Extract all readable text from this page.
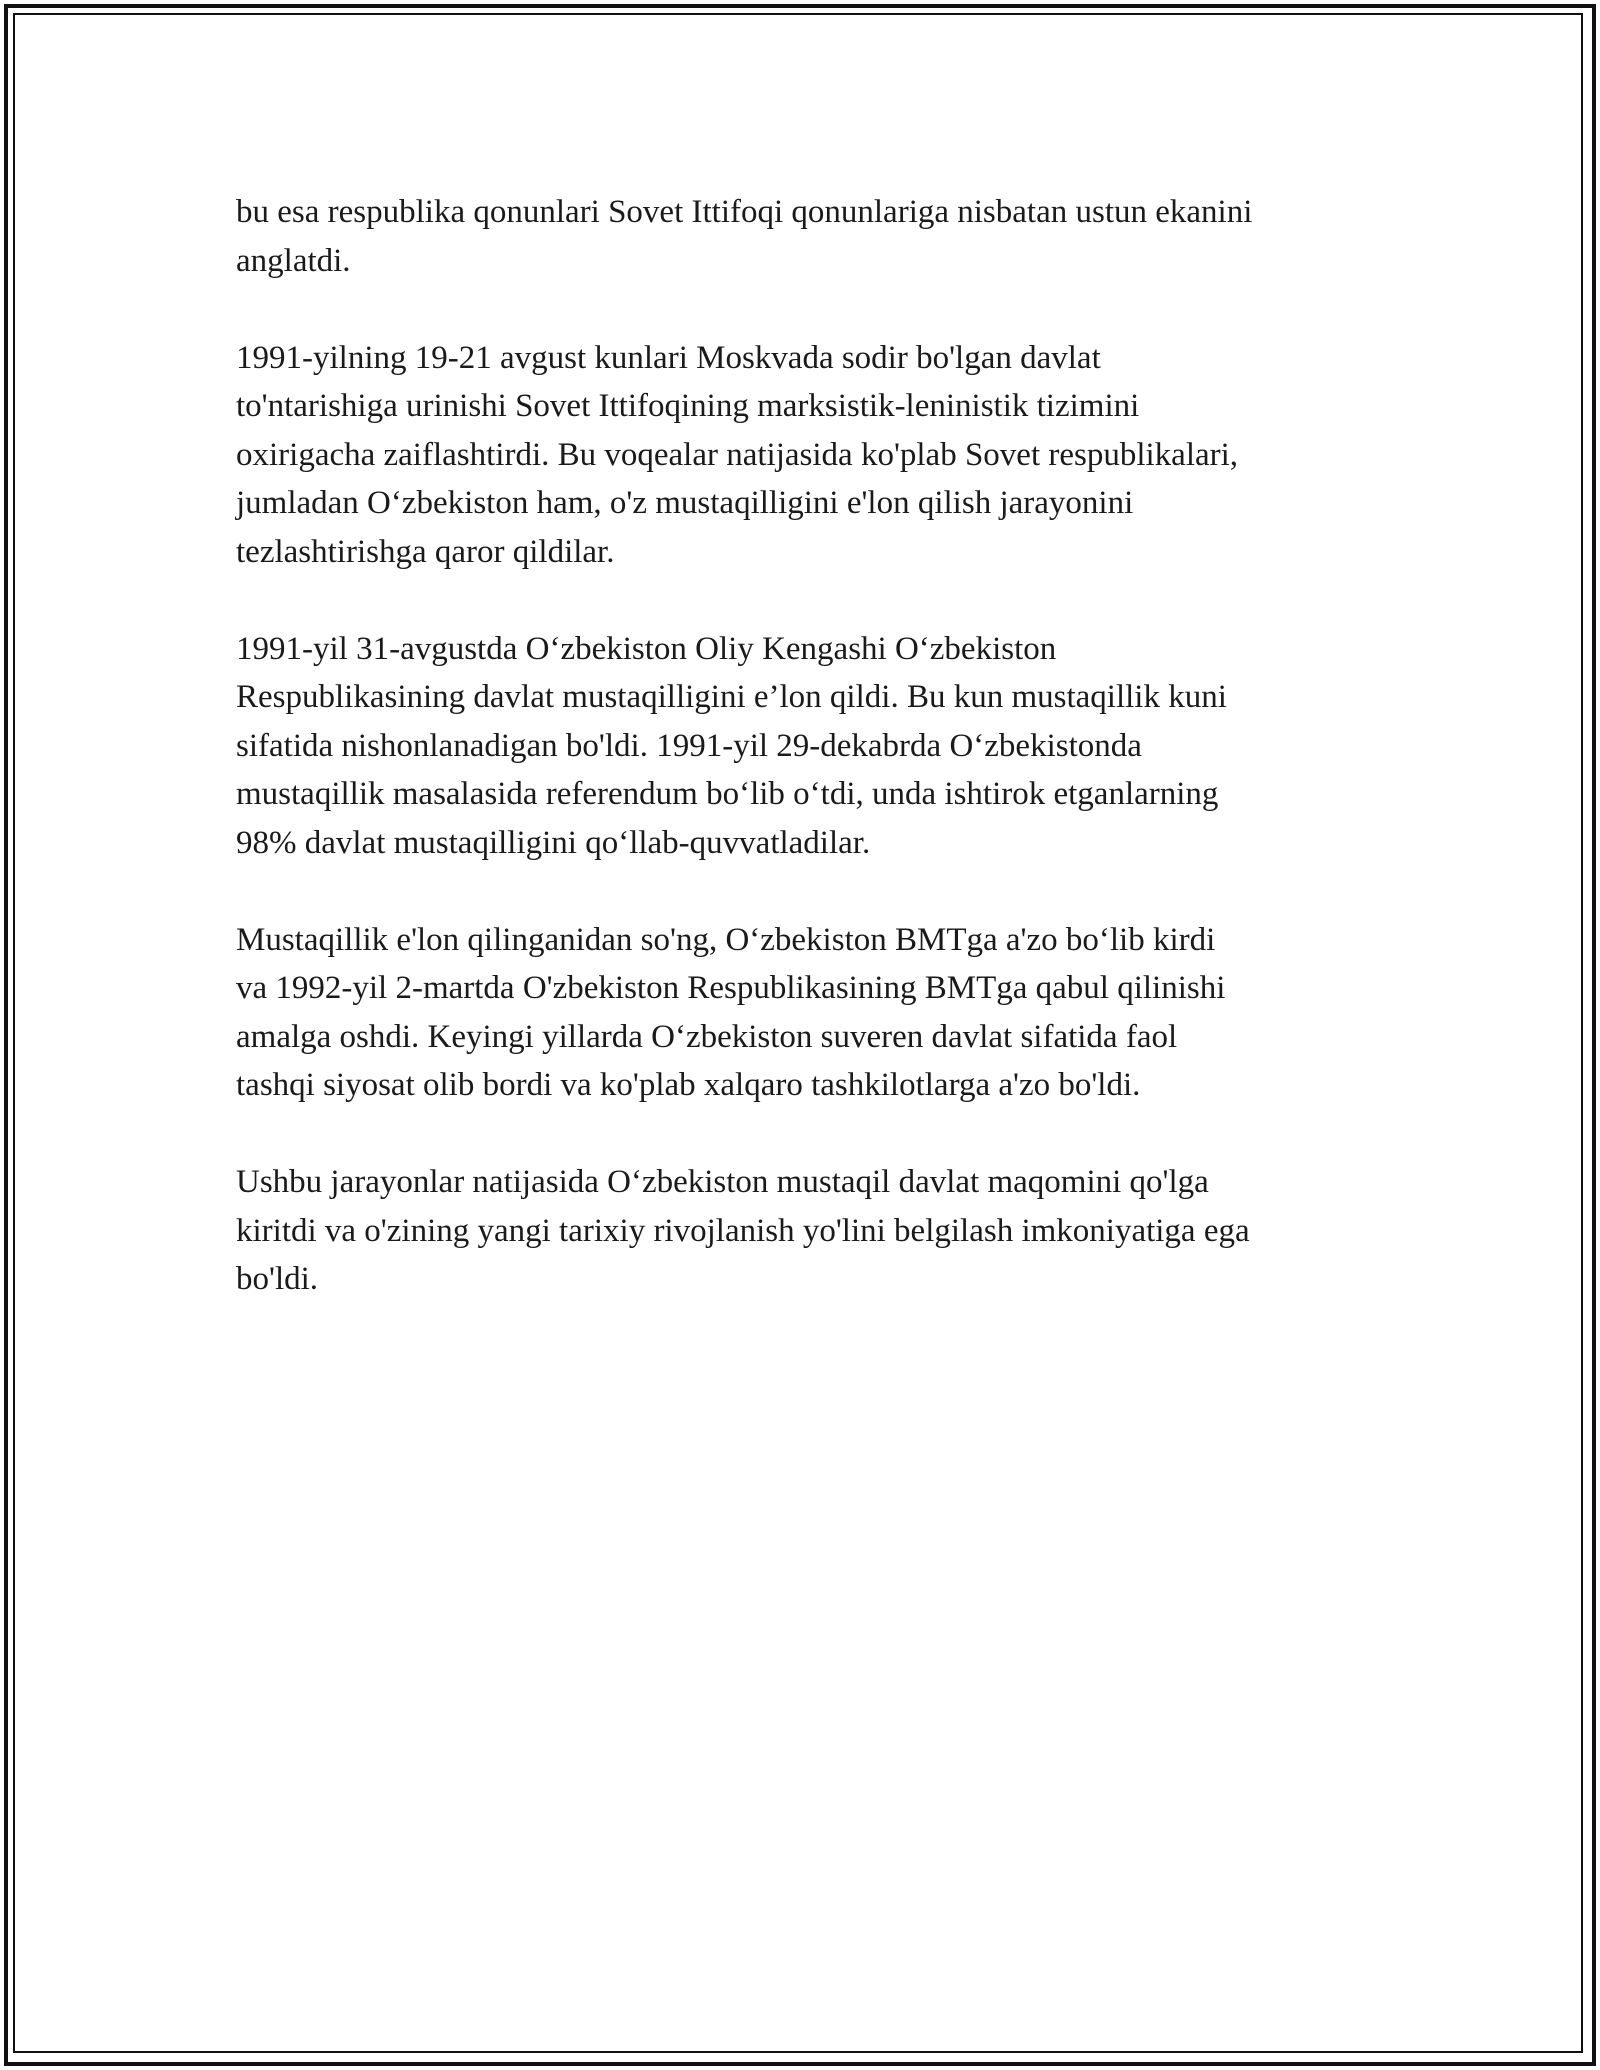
bu esa respublika qonunlari Sovet Ittifoqi qonunlariga nisbatan ustun ekanini
anglatdi.

1991-yilning 19-21 avgust kunlari Moskvada sodir bo'lgan davlat
to'ntarishiga urinishi Sovet Ittifoqining marksistik-leninistik tizimini
oxirigacha zaiflashtirdi. Bu voqealar natijasida ko'plab Sovet respublikalari,
jumladan Oʻzbekiston ham, o'z mustaqilligini e'lon qilish jarayonini
tezlashtirishga qaror qildilar.

1991-yil 31-avgustda Oʻzbekiston Oliy Kengashi Oʻzbekiston
Respublikasining davlat mustaqilligini e’lon qildi. Bu kun mustaqillik kuni
sifatida nishonlanadigan bo'ldi. 1991-yil 29-dekabrda Oʻzbekistonda
mustaqillik masalasida referendum boʻlib oʻtdi, unda ishtirok etganlarning
98% davlat mustaqilligini qoʻllab-quvvatladilar.

Mustaqillik e'lon qilinganidan so'ng, Oʻzbekiston BMTga a'zo boʻlib kirdi
va 1992-yil 2-martda O'zbekiston Respublikasining BMTga qabul qilinishi
amalga oshdi. Keyingi yillarda Oʻzbekiston suveren davlat sifatida faol
tashqi siyosat olib bordi va ko'plab xalqaro tashkilotlarga a'zo bo'ldi.

Ushbu jarayonlar natijasida Oʻzbekiston mustaqil davlat maqomini qo'lga
kiritdi va o'zining yangi tarixiy rivojlanish yo'lini belgilash imkoniyatiga ega
bo'ldi.
